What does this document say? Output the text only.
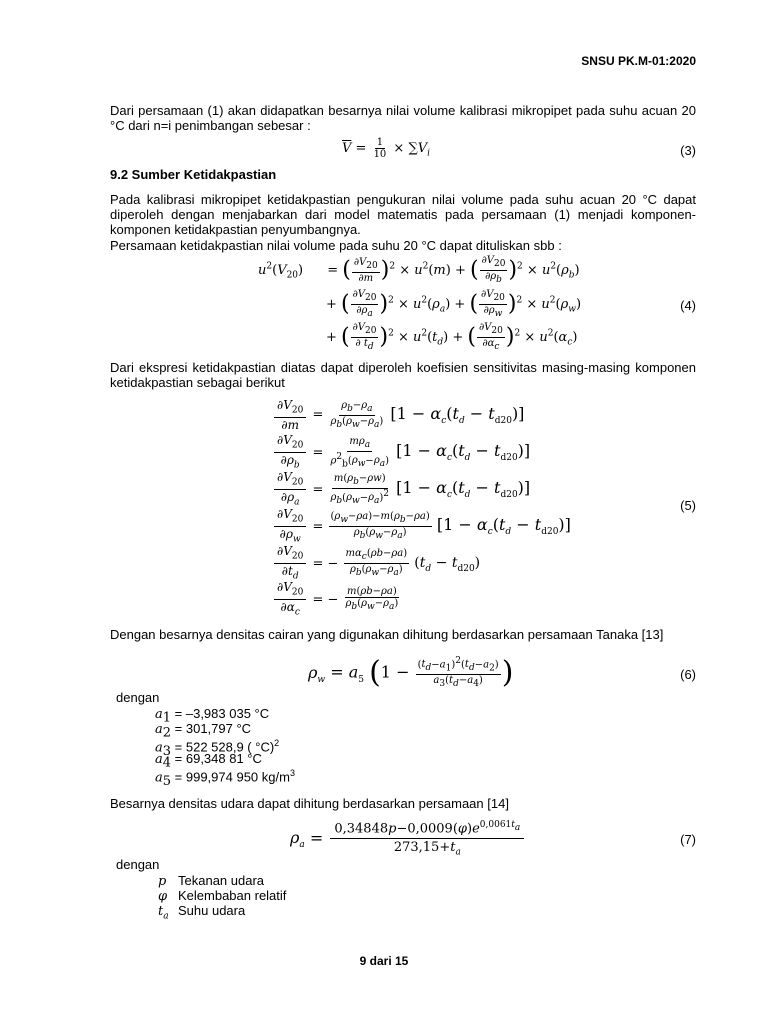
SNSU PK.M-01:2020
Dari persamaan (1) akan didapatkan besarnya nilai volume kalibrasi mikropipet pada suhu acuan 20 °C dari n=i penimbangan sebesar :
$\overline{V} = \frac{1}{10} \times \sum V_i$	(3)
9.2 Sumber Ketidakpastian
Pada kalibrasi mikropipet ketidakpastian pengukuran nilai volume pada suhu acuan 20 °C dapat diperoleh dengan menjabarkan dari model matematis pada persamaan (1) menjadi komponen-komponen ketidakpastian penyumbangnya.
Persamaan ketidakpastian nilai volume pada suhu 20 °C dapat dituliskan sbb :
$u^2(V_{20})$ = ( $\frac{\partial V_{20}}{\partial m} )^2 \times u^2(m)$ + ( $\frac{\partial V_{20}}{\partial\rho_b} )^2 \times u^2(\rho_b)$
+ ( $\frac{\partial V_{20}}{\partial\rho_a} )^2 \times u^2(\rho_a)$ + ( $\frac{\partial V_{20}}{\partial\rho_w} )^2 \times u^2(\rho_w)$	(4)
+ ( $\frac{\partial V_{20}}{\partial t_d} )^2 \times u^2(t_d)$ + ( $\frac{\partial V_{20}}{\partial\alpha_c} )^2 \times u^2(\alpha_c)$
Dari ekspresi ketidakpastian diatas dapat diperoleh koefisien sensitivitas masing-masing komponen ketidakpastian sebagai berikut
$\frac{\partial V_{20}}{\partial m} = \frac{\rho_b-\rho_a}{\rho_b(\rho_w-\rho_a)} [1 - \alpha_c(t_d - t_{d20})]$
$\frac{\partial V_{20}}{\partial\rho_b} = \frac{m\rho_a}{\rho^2_b(\rho_w-\rho_a)} [1 - \alpha_c(t_d - t_{d20})]$
$\frac{\partial V_{20}}{\partial\rho_a} = \frac{m(\rho_b-\rho w)}{\rho_b(\rho_w-\rho_a)^2} [1 - \alpha_c(t_d - t_{d20})]$
$\frac{\partial V_{20}}{\partial\rho_w} = \frac{(\rho_w-\rho a)-m(\rho_b-\rho a)}{\rho_b(\rho_w-\rho_a)} [1 - \alpha_c(t_d - t_{d20})]$
(5)
$\frac{\partial V_{20}}{\partial t_d}$ = − $\frac{m\alpha_c(\rho b-\rho a)}{\rho_b(\rho_w-\rho_a)} (t_d - t_{d20})$
$\frac{\partial V_{20}}{\partial\alpha_c}$ = − $\frac{m(\rho b-\rho a)}{\rho_b(\rho_w-\rho_a)}$
Dengan besarnya densitas cairan yang digunakan dihitung berdasarkan persamaan Tanaka [13]
$\rho_w = a_5$ ($1 - \frac{(t_d-a_1)^2(t_d-a_2)}{a_3(t_d-a_4)}$ )	(6)
dengan
$a_1 = -3,983$ 035 °C
$a_2 = 301,797$ °C
$a_3 = 522$ 528,9 ( °C)$^2$
$a_4 = 69,348$ 81 °C
$a_5 = 999,974$ 950 $kg/m^3$
Besarnya densitas udara dapat dihitung berdasarkan persamaan [14]
$\rho_a = \frac{0,34848p-0,0009(\varphi)e^{0,0061t_a}}{273,15+t_a}$	(7)
dengan
p Tekanan udara
φ Kelembaban relatif
$t_a$ Suhu udara
9 dari 15
